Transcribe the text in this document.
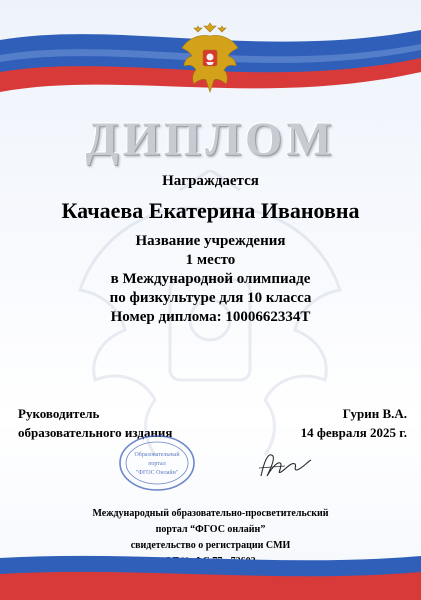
ДИПЛОМ
Награждается
Качаева Екатерина Ивановна
Название учреждения
1 место
в Международной олимпиаде
по физкультуре для 10 класса
Номер диплома: 1000662334Т
Руководитель
образовательного издания
Гурин В.А.
14 февраля 2025 г.
Образовательный
портал
"ФГОС Онлайн"
Международный образовательно-просветительский
портал “ФГОС онлайн”
свидетельство о регистрации СМИ
